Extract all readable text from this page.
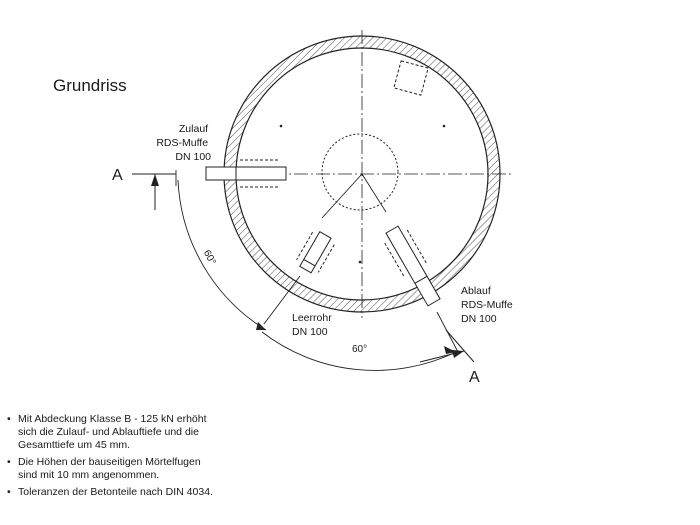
Grundriss
A
A
60°
60°
Zulauf RDS-Muffe DN 100
Leerrohr DN 100
Ablauf RDS-Muffe DN 100
• Mit Abdeckung Klasse B - 125 kN erhöht
sich die Zulauf- und Ablauftiefe und die
Gesamttiefe um 45 mm.
• Die Höhen der bauseitigen Mörtelfugen
sind mit 10 mm angenommen.
• Toleranzen der Betonteile nach DIN 4034.
